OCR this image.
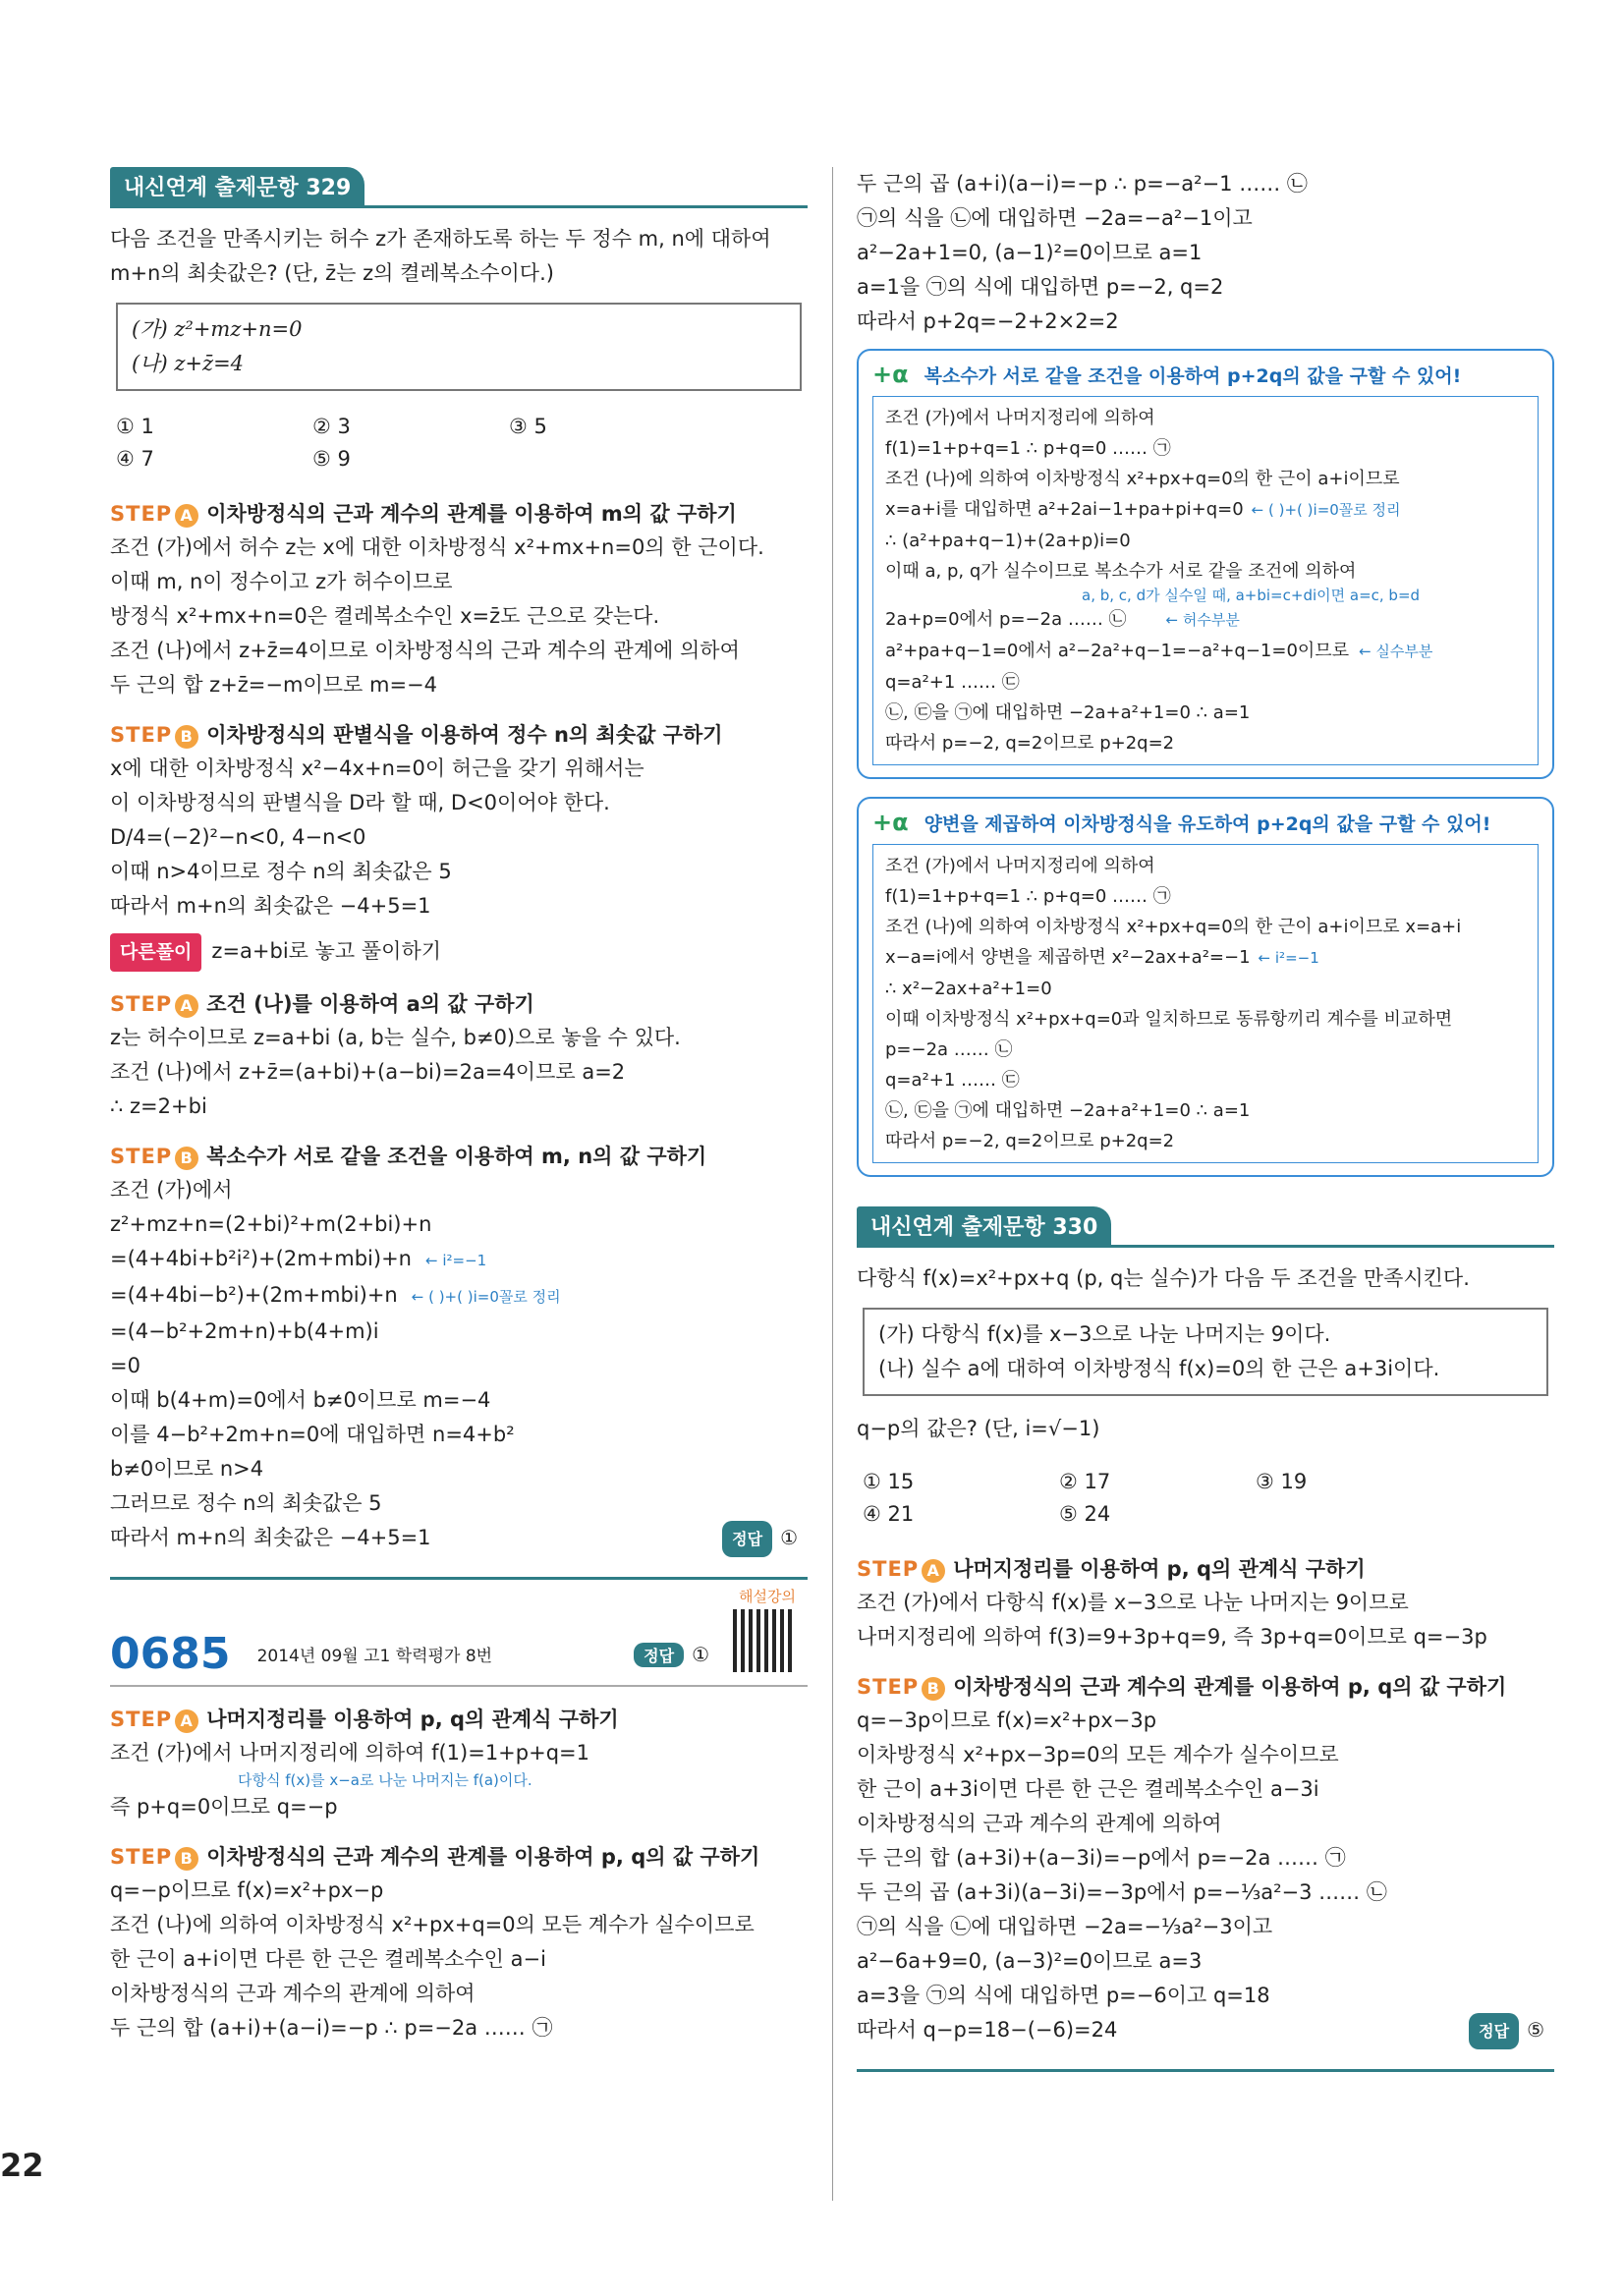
내신연계 출제문항 329
다음 조건을 만족시키는 허수 z가 존재하도록 하는 두 정수 m, n에 대하여
m+n의 최솟값은? (단, z̄는 z의 켤레복소수이다.)
(가) z²+mz+n=0
(나) z+z̄=4
① 1	② 3	③ 5
④ 7	⑤ 9
STEP A 이차방정식의 근과 계수의 관계를 이용하여 m의 값 구하기
조건 (가)에서 허수 z는 x에 대한 이차방정식 x²+mx+n=0의 한 근이다.
이때 m, n이 정수이고 z가 허수이므로
방정식 x²+mx+n=0은 켤레복소수인 x=z̄도 근으로 갖는다.
조건 (나)에서 z+z̄=4이므로 이차방정식의 근과 계수의 관계에 의하여
두 근의 합 z+z̄=−m이므로 m=−4
STEP B 이차방정식의 판별식을 이용하여 정수 n의 최솟값 구하기
x에 대한 이차방정식 x²−4x+n=0이 허근을 갖기 위해서는
이 이차방정식의 판별식을 D라 할 때, D<0이어야 한다.
D/4=(−2)²−n<0, 4−n<0
이때 n>4이므로 정수 n의 최솟값은 5
따라서 m+n의 최솟값은 −4+5=1
다른풀이 z=a+bi로 놓고 풀이하기
STEP A 조건 (나)를 이용하여 a의 값 구하기
z는 허수이므로 z=a+bi (a, b는 실수, b≠0)으로 놓을 수 있다.
조건 (나)에서 z+z̄=(a+bi)+(a−bi)=2a=4이므로 a=2
∴ z=2+bi
STEP B 복소수가 서로 같을 조건을 이용하여 m, n의 값 구하기
조건 (가)에서
z²+mz+n=(2+bi)²+m(2+bi)+n
=(4+4bi+b²i²)+(2m+mbi)+n ← i²=−1
=(4+4bi−b²)+(2m+mbi)+n ← ( )+( )i=0꼴로 정리
=(4−b²+2m+n)+b(4+m)i
=0
이때 b(4+m)=0에서 b≠0이므로 m=−4
이를 4−b²+2m+n=0에 대입하면 n=4+b²
b≠0이므로 n>4
그러므로 정수 n의 최솟값은 5
따라서 m+n의 최솟값은 −4+5=1	정답 ①
해설강의
0685 2014년 09월 고1 학력평가 8번	정답 ①
STEP A 나머지정리를 이용하여 p, q의 관계식 구하기
조건 (가)에서 나머지정리에 의하여 f(1)=1+p+q=1
다항식 f(x)를 x−a로 나눈 나머지는 f(a)이다.
즉 p+q=0이므로 q=−p
STEP B 이차방정식의 근과 계수의 관계를 이용하여 p, q의 값 구하기
q=−p이므로 f(x)=x²+px−p
조건 (나)에 의하여 이차방정식 x²+px+q=0의 모든 계수가 실수이므로
한 근이 a+i이면 다른 한 근은 켤레복소수인 a−i
이차방정식의 근과 계수의 관계에 의하여
두 근의 합 (a+i)+(a−i)=−p ∴ p=−2a …… ㉠
두 근의 곱 (a+i)(a−i)=−p ∴ p=−a²−1 …… ㉡
㉠의 식을 ㉡에 대입하면 −2a=−a²−1이고
a²−2a+1=0, (a−1)²=0이므로 a=1
a=1을 ㉠의 식에 대입하면 p=−2, q=2
따라서 p+2q=−2+2×2=2
+α 복소수가 서로 같을 조건을 이용하여 p+2q의 값을 구할 수 있어!
조건 (가)에서 나머지정리에 의하여
f(1)=1+p+q=1 ∴ p+q=0 …… ㉠
조건 (나)에 의하여 이차방정식 x²+px+q=0의 한 근이 a+i이므로
x=a+i를 대입하면 a²+2ai−1+pa+pi+q=0 ← ( )+( )i=0꼴로 정리
∴ (a²+pa+q−1)+(2a+p)i=0
이때 a, p, q가 실수이므로 복소수가 서로 같을 조건에 의하여
a, b, c, d가 실수일 때, a+bi=c+di이면 a=c, b=d
2a+p=0에서 p=−2a …… ㉡	← 허수부분
a²+pa+q−1=0에서 a²−2a²+q−1=−a²+q−1=0이므로 ← 실수부분
q=a²+1 …… ㉢
㉡, ㉢을 ㉠에 대입하면 −2a+a²+1=0 ∴ a=1
따라서 p=−2, q=2이므로 p+2q=2
+α 양변을 제곱하여 이차방정식을 유도하여 p+2q의 값을 구할 수 있어!
조건 (가)에서 나머지정리에 의하여
f(1)=1+p+q=1 ∴ p+q=0 …… ㉠
조건 (나)에 의하여 이차방정식 x²+px+q=0의 한 근이 a+i이므로 x=a+i
x−a=i에서 양변을 제곱하면 x²−2ax+a²=−1 ← i²=−1
∴ x²−2ax+a²+1=0
이때 이차방정식 x²+px+q=0과 일치하므로 동류항끼리 계수를 비교하면
p=−2a …… ㉡
q=a²+1 …… ㉢
㉡, ㉢을 ㉠에 대입하면 −2a+a²+1=0 ∴ a=1
따라서 p=−2, q=2이므로 p+2q=2
내신연계 출제문항 330
다항식 f(x)=x²+px+q (p, q는 실수)가 다음 두 조건을 만족시킨다.
(가) 다항식 f(x)를 x−3으로 나눈 나머지는 9이다.
(나) 실수 a에 대하여 이차방정식 f(x)=0의 한 근은 a+3i이다.
q−p의 값은? (단, i=√−1)
① 15	② 17	③ 19
④ 21	⑤ 24
STEP A 나머지정리를 이용하여 p, q의 관계식 구하기
조건 (가)에서 다항식 f(x)를 x−3으로 나눈 나머지는 9이므로
나머지정리에 의하여 f(3)=9+3p+q=9, 즉 3p+q=0이므로 q=−3p
STEP B 이차방정식의 근과 계수의 관계를 이용하여 p, q의 값 구하기
q=−3p이므로 f(x)=x²+px−3p
이차방정식 x²+px−3p=0의 모든 계수가 실수이므로
한 근이 a+3i이면 다른 한 근은 켤레복소수인 a−3i
이차방정식의 근과 계수의 관계에 의하여
두 근의 합 (a+3i)+(a−3i)=−p에서 p=−2a …… ㉠
두 근의 곱 (a+3i)(a−3i)=−3p에서 p=−⅓a²−3 …… ㉡
㉠의 식을 ㉡에 대입하면 −2a=−⅓a²−3이고
a²−6a+9=0, (a−3)²=0이므로 a=3
a=3을 ㉠의 식에 대입하면 p=−6이고 q=18
따라서 q−p=18−(−6)=24	정답 ⑤
22
